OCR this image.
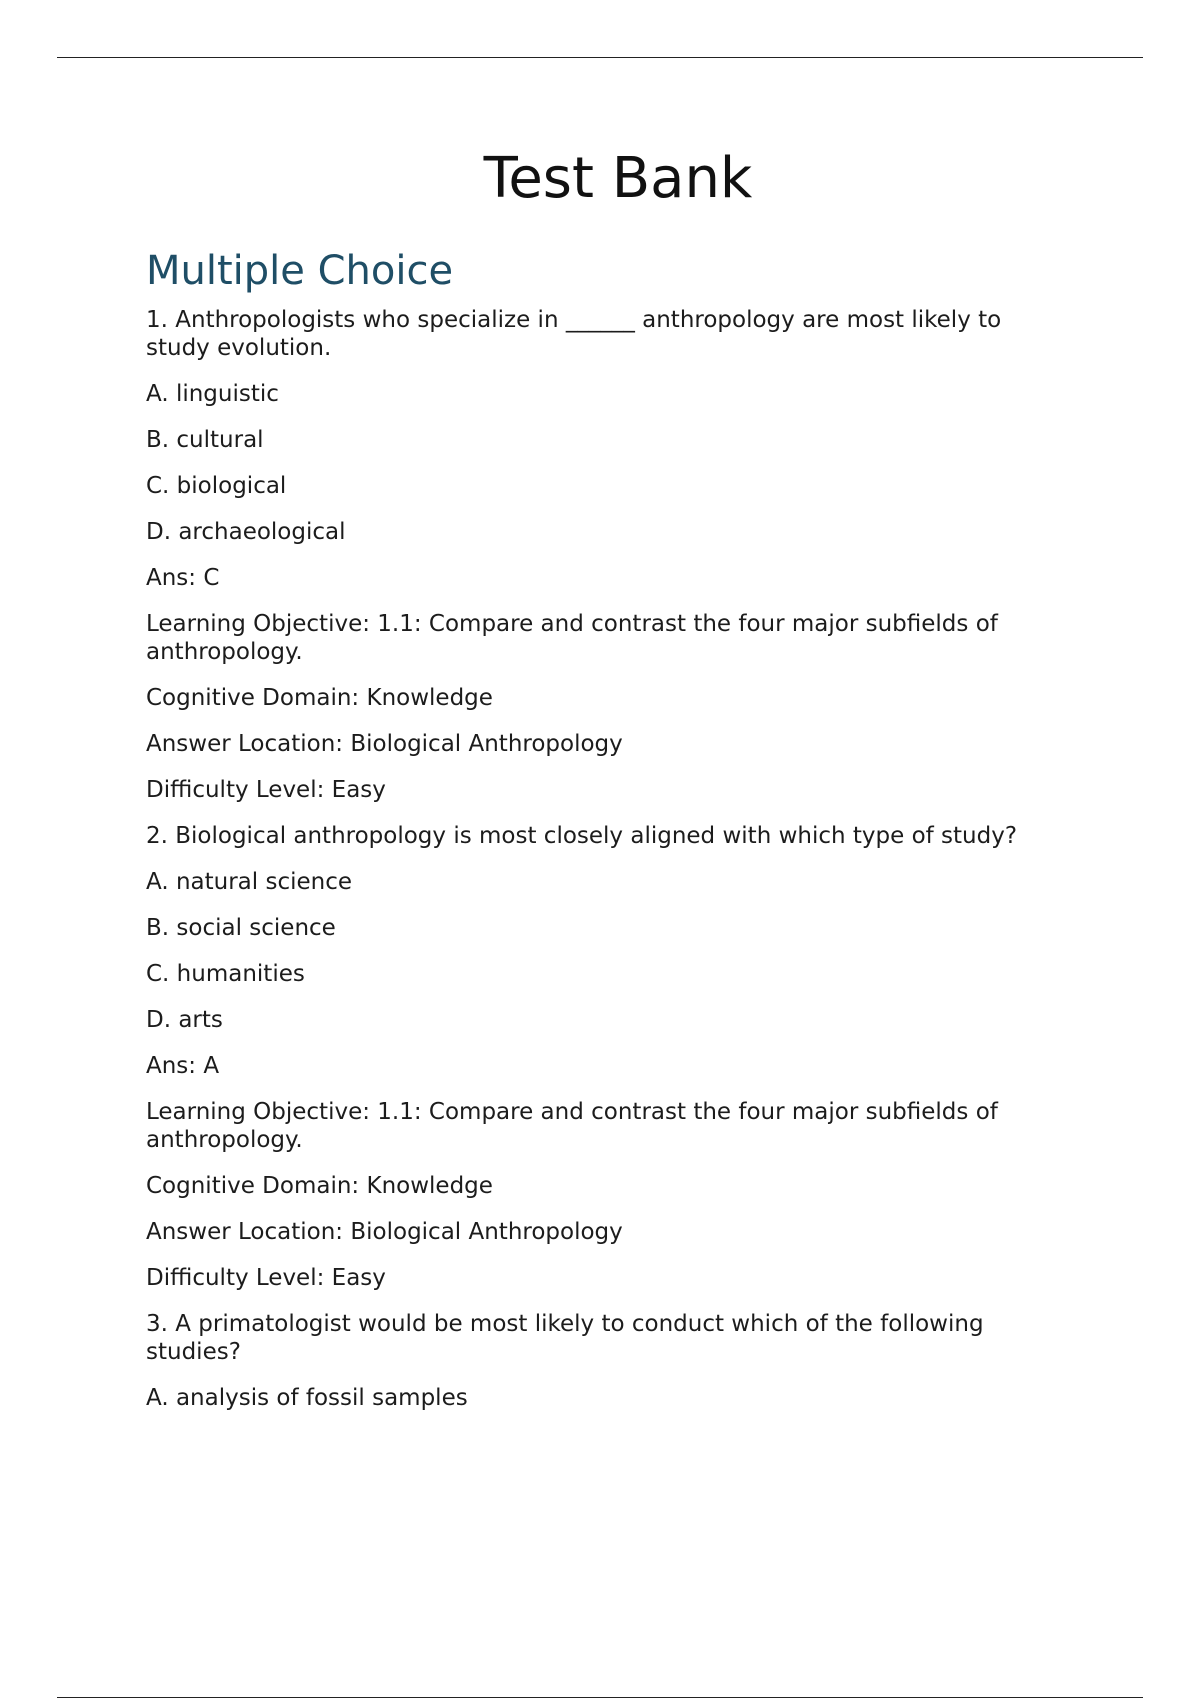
Test Bank
Multiple Choice

1. Anthropologists who specialize in ______ anthropology are most likely to study evolution.

A. linguistic

B. cultural

C. biological

D. archaeological

Ans: C

Learning Objective: 1.1: Compare and contrast the four major subfields of anthropology.

Cognitive Domain: Knowledge

Answer Location: Biological Anthropology

Difficulty Level: Easy

2. Biological anthropology is most closely aligned with which type of study?

A. natural science

B. social science

C. humanities

D. arts

Ans: A

Learning Objective: 1.1: Compare and contrast the four major subfields of anthropology.

Cognitive Domain: Knowledge

Answer Location: Biological Anthropology

Difficulty Level: Easy

3. A primatologist would be most likely to conduct which of the following studies?

A. analysis of fossil samples
